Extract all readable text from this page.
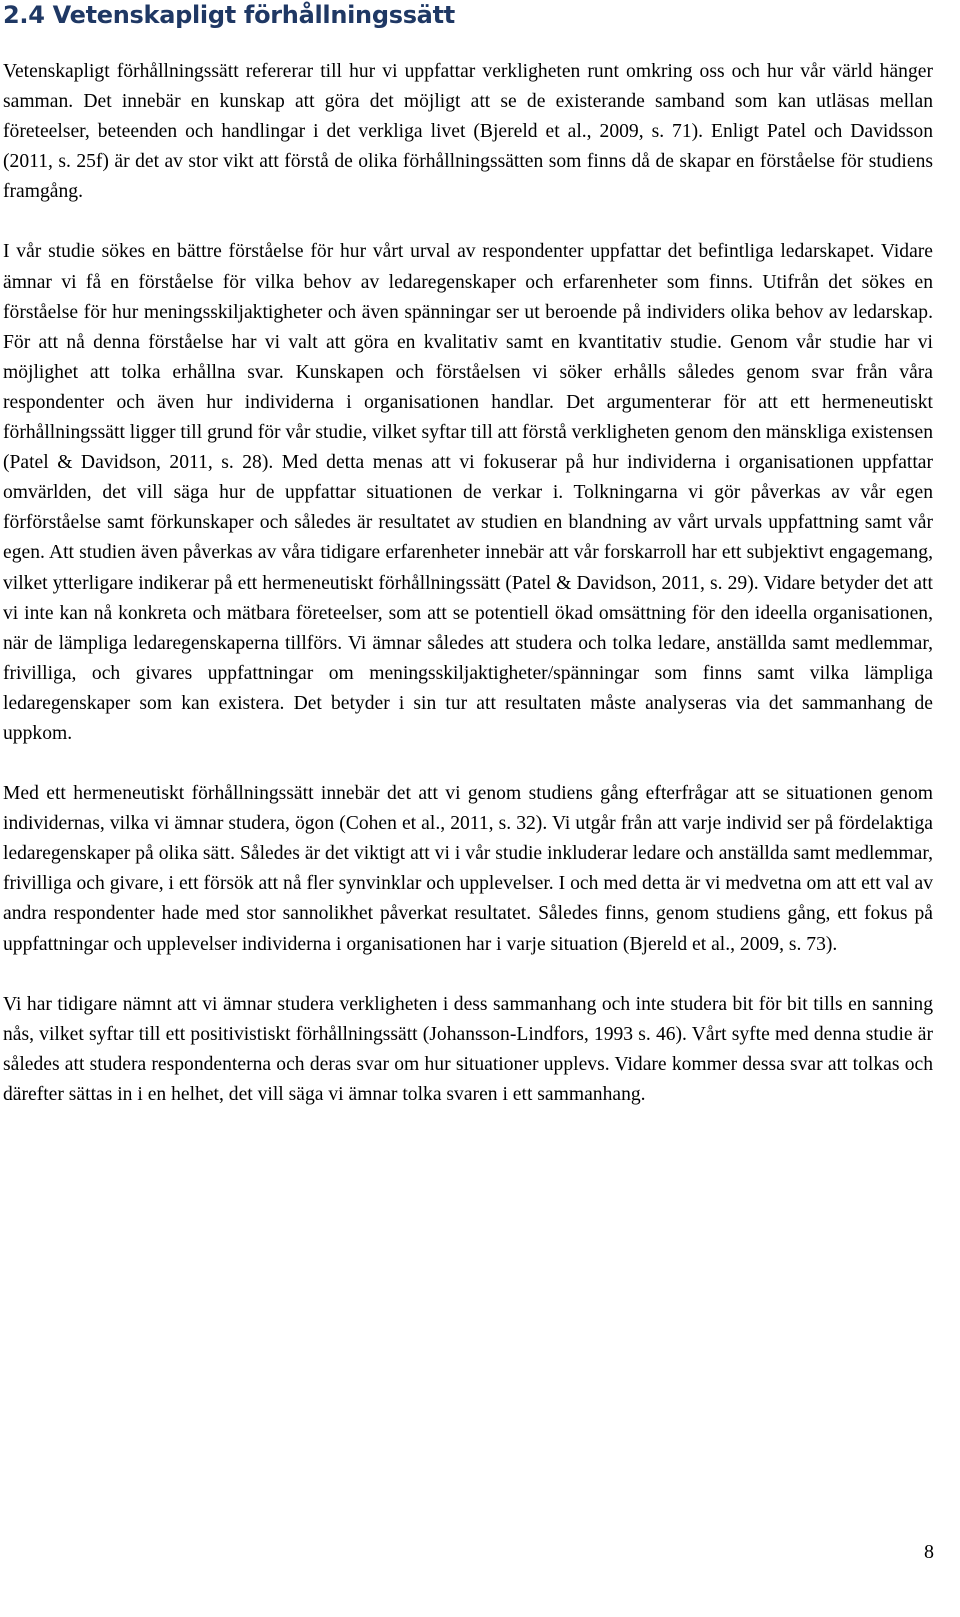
2.4 Vetenskapligt förhållningssätt

Vetenskapligt förhållningssätt refererar till hur vi uppfattar verkligheten runt omkring oss och hur vår värld hänger samman. Det innebär en kunskap att göra det möjligt att se de existerande samband som kan utläsas mellan företeelser, beteenden och handlingar i det verkliga livet (Bjereld et al., 2009, s. 71). Enligt Patel och Davidsson (2011, s. 25f) är det av stor vikt att förstå de olika förhållningssätten som finns då de skapar en förståelse för studiens framgång.

I vår studie sökes en bättre förståelse för hur vårt urval av respondenter uppfattar det befintliga ledarskapet. Vidare ämnar vi få en förståelse för vilka behov av ledaregenskaper och erfarenheter som finns. Utifrån det sökes en förståelse för hur meningsskiljaktigheter och även spänningar ser ut beroende på individers olika behov av ledarskap. För att nå denna förståelse har vi valt att göra en kvalitativ samt en kvantitativ studie. Genom vår studie har vi möjlighet att tolka erhållna svar. Kunskapen och förståelsen vi söker erhålls således genom svar från våra respondenter och även hur individerna i organisationen handlar. Det argumenterar för att ett hermeneutiskt förhållningssätt ligger till grund för vår studie, vilket syftar till att förstå verkligheten genom den mänskliga existensen (Patel & Davidson, 2011, s. 28). Med detta menas att vi fokuserar på hur individerna i organisationen uppfattar omvärlden, det vill säga hur de uppfattar situationen de verkar i. Tolkningarna vi gör påverkas av vår egen förförståelse samt förkunskaper och således är resultatet av studien en blandning av vårt urvals uppfattning samt vår egen. Att studien även påverkas av våra tidigare erfarenheter innebär att vår forskarroll har ett subjektivt engagemang, vilket ytterligare indikerar på ett hermeneutiskt förhållningssätt (Patel & Davidson, 2011, s. 29). Vidare betyder det att vi inte kan nå konkreta och mätbara företeelser, som att se potentiell ökad omsättning för den ideella organisationen, när de lämpliga ledaregenskaperna tillförs. Vi ämnar således att studera och tolka ledare, anställda samt medlemmar, frivilliga, och givares uppfattningar om meningsskiljaktigheter/spänningar som finns samt vilka lämpliga ledaregenskaper som kan existera. Det betyder i sin tur att resultaten måste analyseras via det sammanhang de uppkom.

Med ett hermeneutiskt förhållningssätt innebär det att vi genom studiens gång efterfrågar att se situationen genom individernas, vilka vi ämnar studera, ögon (Cohen et al., 2011, s. 32). Vi utgår från att varje individ ser på fördelaktiga ledaregenskaper på olika sätt. Således är det viktigt att vi i vår studie inkluderar ledare och anställda samt medlemmar, frivilliga och givare, i ett försök att nå fler synvinklar och upplevelser. I och med detta är vi medvetna om att ett val av andra respondenter hade med stor sannolikhet påverkat resultatet. Således finns, genom studiens gång, ett fokus på uppfattningar och upplevelser individerna i organisationen har i varje situation (Bjereld et al., 2009, s. 73).

Vi har tidigare nämnt att vi ämnar studera verkligheten i dess sammanhang och inte studera bit för bit tills en sanning nås, vilket syftar till ett positivistiskt förhållningssätt (Johansson-Lindfors, 1993 s. 46). Vårt syfte med denna studie är således att studera respondenterna och deras svar om hur situationer upplevs. Vidare kommer dessa svar att tolkas och därefter sättas in i en helhet, det vill säga vi ämnar tolka svaren i ett sammanhang.

8
